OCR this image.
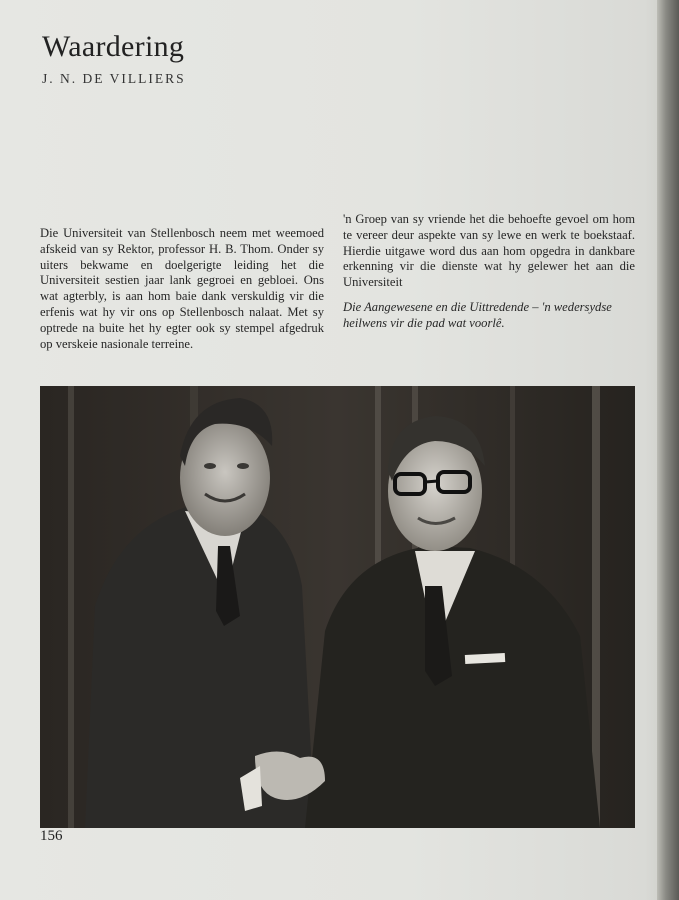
Waardering
J. N. DE VILLIERS

Die Universiteit van Stellenbosch neem met weemoed afskeid van sy Rektor, professor H. B. Thom. Onder sy uiters bekwame en doelgerigte leiding het die Universiteit sestien jaar lank gegroei en gebloei. Ons wat agterbly, is aan hom baie dank verskuldig vir die erfenis wat hy vir ons op Stellenbosch nalaat. Met sy optrede na buite het hy egter ook sy stempel afgedruk op verskeie nasionale terreine.

'n Groep van sy vriende het die behoefte gevoel om hom te vereer deur aspekte van sy lewe en werk te boekstaaf. Hierdie uitgawe word dus aan hom opgedra in dankbare erkenning vir die dienste wat hy gelewer het aan die Universiteit

Die Aangewesene en die Uittredende – 'n wedersydse heilwens vir die pad wat voorlê.

156
